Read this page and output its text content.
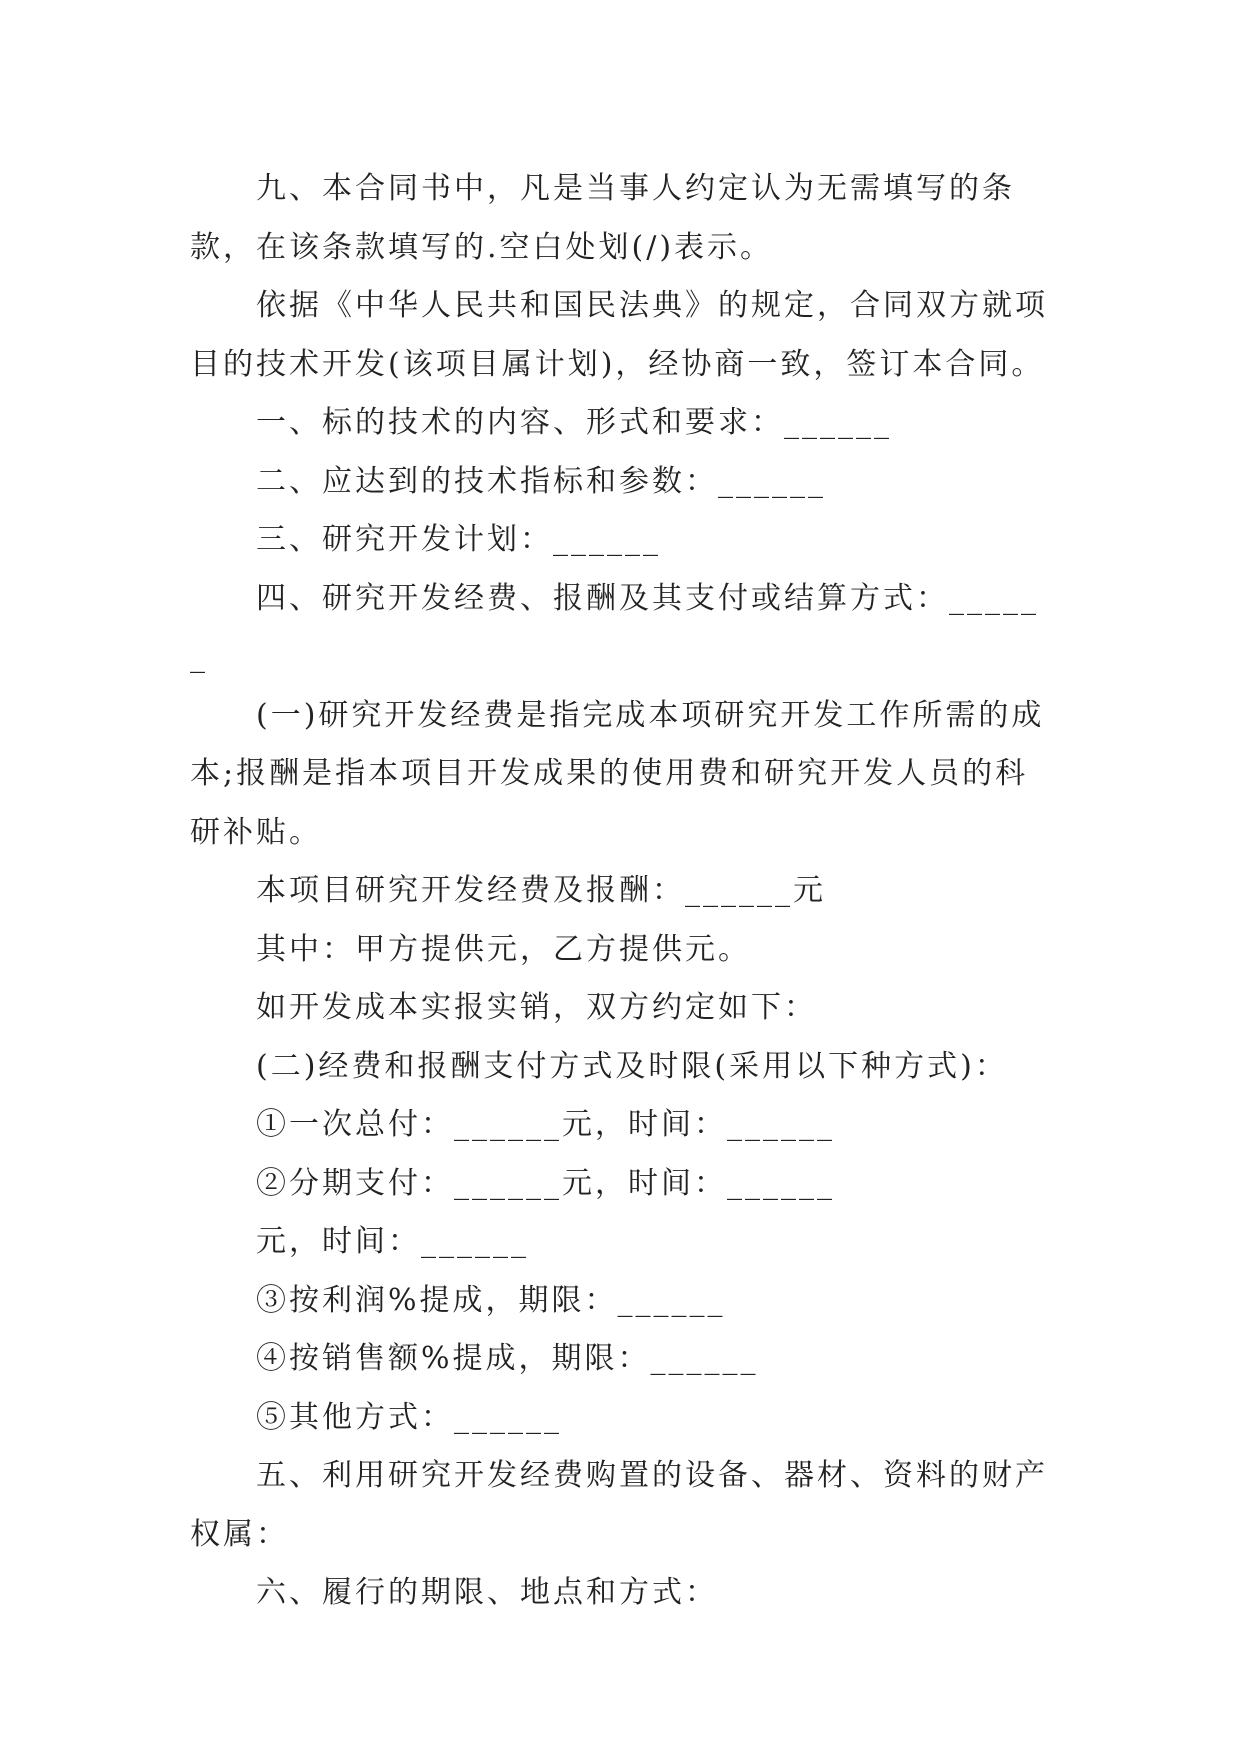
九、本合同书中，凡是当事人约定认为无需填写的条款，在该条款填写的.空白处划(/)表示。

依据《中华人民共和国民法典》的规定，合同双方就项目的技术开发(该项目属计划)，经协商一致，签订本合同。

一、标的技术的内容、形式和要求：______

二、应达到的技术指标和参数：______

三、研究开发计划：______

四、研究开发经费、报酬及其支付或结算方式：______

(一)研究开发经费是指完成本项研究开发工作所需的成本;报酬是指本项目开发成果的使用费和研究开发人员的科研补贴。

本项目研究开发经费及报酬：______元

其中：甲方提供元，乙方提供元。

如开发成本实报实销，双方约定如下：

(二)经费和报酬支付方式及时限(采用以下种方式)：

①一次总付：______元，时间：______

②分期支付：______元，时间：______

元，时间：______

③按利润%提成，期限：______

④按销售额%提成，期限：______

⑤其他方式：______

五、利用研究开发经费购置的设备、器材、资料的财产权属：

六、履行的期限、地点和方式：
